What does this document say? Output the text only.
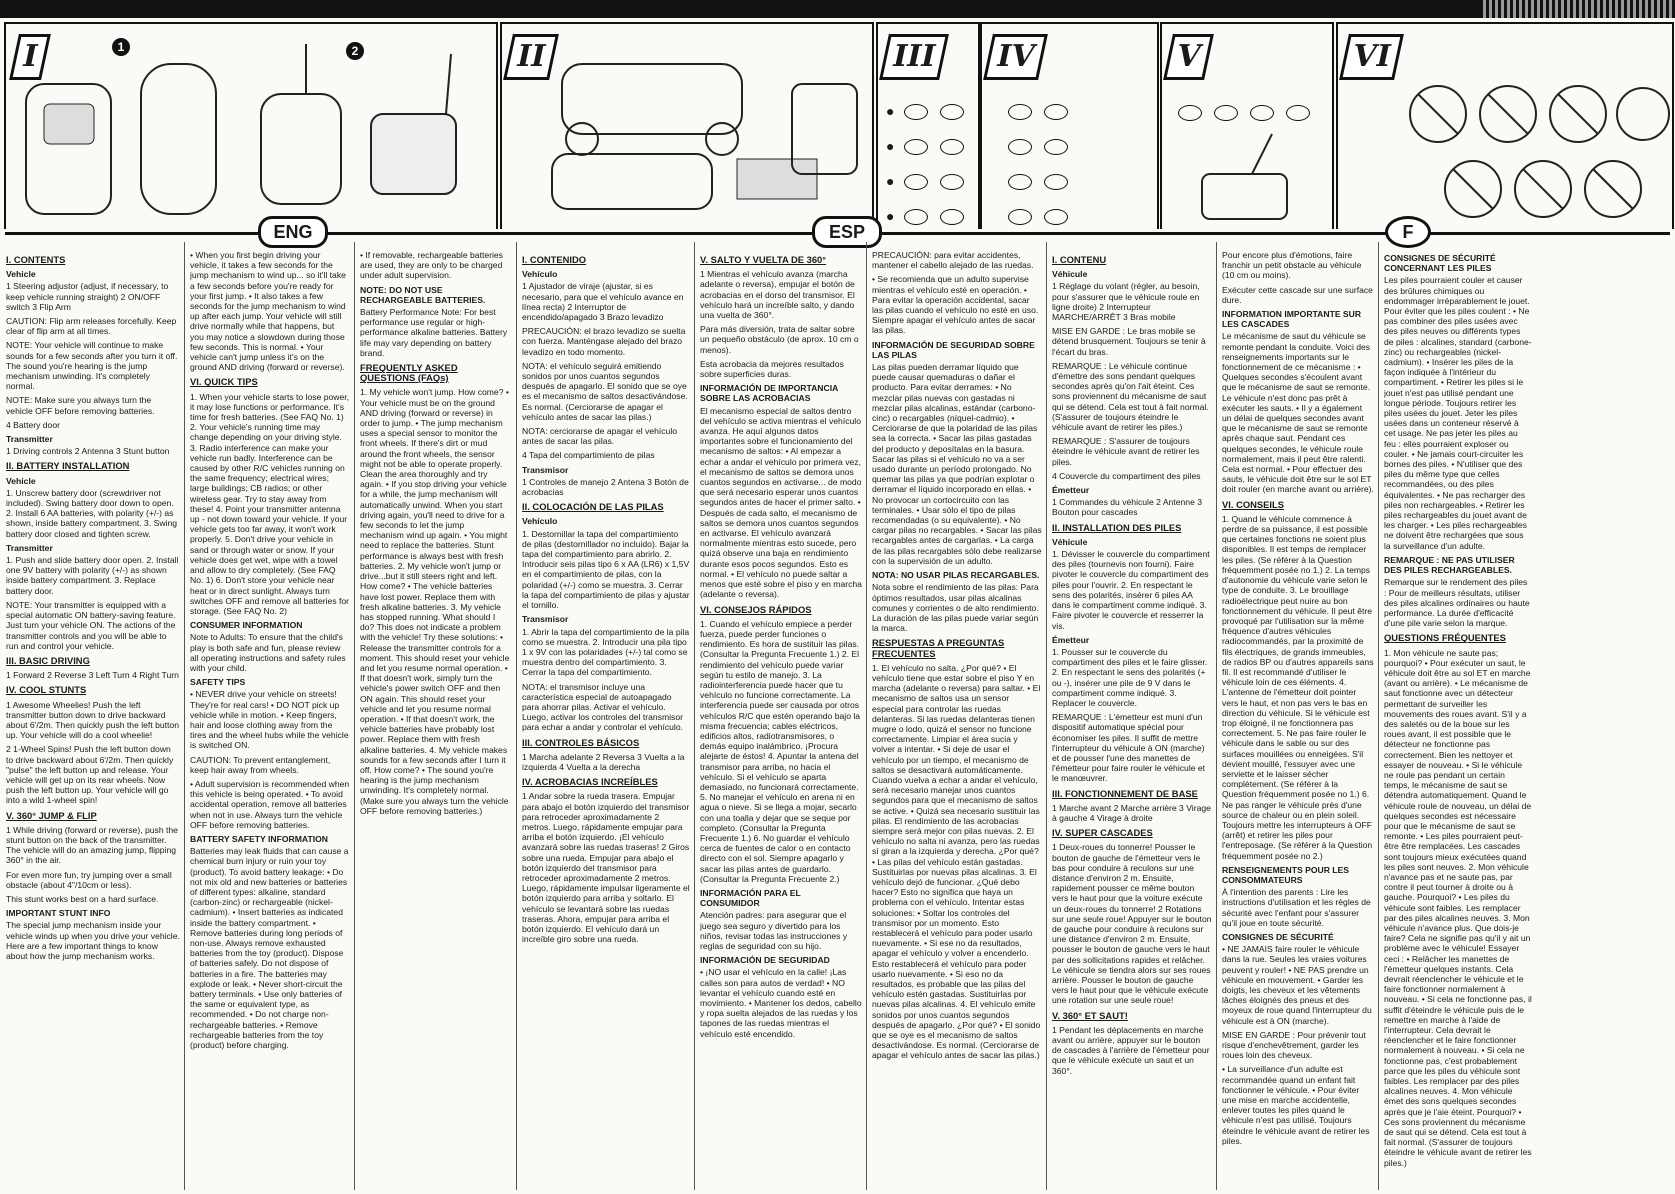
I	1	2	II	III
●
●
●
●
IV	V	VI
ENG	ESP	F
I. CONTENTS
Vehicle

1 Steering adjustor (adjust, if necessary, to keep vehicle running straight) 2 ON/OFF switch 3 Flip Arm

CAUTION: Flip arm releases forcefully. Keep clear of flip arm at all times.

NOTE: Your vehicle will continue to make sounds for a few seconds after you turn it off. The sound you're hearing is the jump mechanism unwinding. It's completely normal.

NOTE: Make sure you always turn the vehicle OFF before removing batteries.

4 Battery door

Transmitter

1 Driving controls 2 Antenna 3 Stunt button

II. BATTERY INSTALLATION
Vehicle

1. Unscrew battery door (screwdriver not included). Swing battery door down to open. 2. Install 6 AA batteries, with polarity (+/-) as shown, inside battery compartment. 3. Swing battery door closed and tighten screw.

Transmitter

1. Push and slide battery door open. 2. Install one 9V battery with polarity (+/-) as shown inside battery compartment. 3. Replace battery door.

NOTE: Your transmitter is equipped with a special automatic ON battery-saving feature. Just turn your vehicle ON. The actions of the transmitter controls and you will be able to run and control your vehicle.

III. BASIC DRIVING

1 Forward 2 Reverse 3 Left Turn 4 Right Turn

IV. COOL STUNTS

1 Awesome Wheelies! Push the left transmitter button down to drive backward about 6'/2m. Then quickly push the left button up. Your vehicle will do a cool wheelie!

2 1-Wheel Spins! Push the left button down to drive backward about 6'/2m. Then quickly "pulse" the left button up and release. Your vehicle will get up on its rear wheels. Now push the left button up. Your vehicle will go into a wild 1-wheel spin!

V. 360° JUMP & FLIP

1 While driving (forward or reverse), push the stunt button on the back of the transmitter. The vehicle will do an amazing jump, flipping 360° in the air.

For even more fun, try jumping over a small obstacle (about 4"/10cm or less).

This stunt works best on a hard surface.

IMPORTANT STUNT INFO

The special jump mechanism inside your vehicle winds up when you drive your vehicle. Here are a few important things to know about how the jump mechanism works.

• When you first begin driving your vehicle, it takes a few seconds for the jump mechanism to wind up... so it'll take a few seconds before you're ready for your first jump. • It also takes a few seconds for the jump mechanism to wind up after each jump. Your vehicle will still drive normally while that happens, but you may notice a slowdown during those few seconds. This is normal. • Your vehicle can't jump unless it's on the ground AND driving (forward or reverse).

VI. QUICK TIPS

1. When your vehicle starts to lose power, it may lose functions or performance. It's time for fresh batteries. (See FAQ No. 1) 2. Your vehicle's running time may change depending on your driving style. 3. Radio interference can make your vehicle run badly. Interference can be caused by other R/C vehicles running on the same frequency; electrical wires; large buildings; CB radios; or other wireless gear. Try to stay away from these! 4. Point your transmitter antenna up - not down toward your vehicle. If your vehicle gets too far away, it won't work properly. 5. Don't drive your vehicle in sand or through water or snow. If your vehicle does get wet, wipe with a towel and allow to dry completely. (See FAQ No. 1) 6. Don't store your vehicle near heat or in direct sunlight. Always turn switches OFF and remove all batteries for storage. (See FAQ No. 2)

CONSUMER INFORMATION

Note to Adults: To ensure that the child's play is both safe and fun, please review all operating instructions and safety rules with your child.

SAFETY TIPS

• NEVER drive your vehicle on streets! They're for real cars! • DO NOT pick up vehicle while in motion. • Keep fingers, hair and loose clothing away from the tires and the wheel hubs while the vehicle is switched ON.

CAUTION: To prevent entanglement, keep hair away from wheels.

• Adult supervision is recommended when this vehicle is being operated. • To avoid accidental operation, remove all batteries when not in use. Always turn the vehicle OFF before removing batteries.

BATTERY SAFETY INFORMATION

Batteries may leak fluids that can cause a chemical burn injury or ruin your toy (product). To avoid battery leakage: • Do not mix old and new batteries or batteries of different types: alkaline, standard (carbon-zinc) or rechargeable (nickel-cadmium). • Insert batteries as indicated inside the battery compartment. • Remove batteries during long periods of non-use. Always remove exhausted batteries from the toy (product). Dispose of batteries safely. Do not dispose of batteries in a fire. The batteries may explode or leak. • Never short-circuit the battery terminals. • Use only batteries of the same or equivalent type, as recommended. • Do not charge non-rechargeable batteries. • Remove rechargeable batteries from the toy (product) before charging.

• If removable, rechargeable batteries are used, they are only to be charged under adult supervision.

NOTE: DO NOT USE RECHARGEABLE BATTERIES.

Battery Performance Note: For best performance use regular or high-performance alkaline batteries. Battery life may vary depending on battery brand.

FREQUENTLY ASKED QUESTIONS (FAQs)

1. My vehicle won't jump. How come? • Your vehicle must be on the ground AND driving (forward or reverse) in order to jump. • The jump mechanism uses a special sensor to monitor the front wheels. If there's dirt or mud around the front wheels, the sensor might not be able to operate properly. Clean the area thoroughly and try again. • If you stop driving your vehicle for a while, the jump mechanism will automatically unwind. When you start driving again, you'll need to drive for a few seconds to let the jump mechanism wind up again. • You might need to replace the batteries. Stunt performance is always best with fresh batteries. 2. My vehicle won't jump or drive...but it still steers right and left. How come? • The vehicle batteries have lost power. Replace them with fresh alkaline batteries. 3. My vehicle has stopped running. What should I do? This does not indicate a problem with the vehicle! Try these solutions: • Release the transmitter controls for a moment. This should reset your vehicle and let you resume normal operation. • If that doesn't work, simply turn the vehicle's power switch OFF and then ON again. This should reset your vehicle and let you resume normal operation. • If that doesn't work, the vehicle batteries have probably lost power. Replace them with fresh alkaline batteries. 4. My vehicle makes sounds for a few seconds after I turn it off. How come? • The sound you're hearing is the jump mechanism unwinding. It's completely normal. (Make sure you always turn the vehicle OFF before removing batteries.)

I. CONTENIDO
Vehículo

1 Ajustador de viraje (ajustar, si es necesario, para que el vehículo avance en línea recta) 2 Interruptor de encendido/apagado 3 Brazo levadizo

PRECAUCIÓN: el brazo levadizo se suelta con fuerza. Manténgase alejado del brazo levadizo en todo momento.

NOTA: el vehículo seguirá emitiendo sonidos por unos cuantos segundos después de apagarlo. El sonido que se oye es el mecanismo de saltos desactivándose. Es normal. (Cerciorarse de apagar el vehículo antes de sacar las pilas.)

NOTA: cerciorarse de apagar el vehículo antes de sacar las pilas.

4 Tapa del compartimiento de pilas

Transmisor

1 Controles de manejo 2 Antena 3 Botón de acrobacias

II. COLOCACIÓN DE LAS PILAS
Vehículo

1. Destornillar la tapa del compartimiento de pilas (destornillador no incluido). Bajar la tapa del compartimiento para abrirlo. 2. Introducir seis pilas tipo 6 x AA (LR6) x 1,5V en el compartimiento de pilas, con la polaridad (+/-) como se muestra. 3. Cerrar la tapa del compartimiento de pilas y ajustar el tornillo.

Transmisor

1. Abrir la tapa del compartimiento de la pila como se muestra. 2. Introducir una pila tipo 1 x 9V con las polaridades (+/-) tal como se muestra dentro del compartimiento. 3. Cerrar la tapa del compartimiento.

NOTA: el transmisor incluye una característica especial de autoapagado para ahorrar pilas. Activar el vehículo. Luego, activar los controles del transmisor para echar a andar y controlar el vehículo.

III. CONTROLES BÁSICOS

1 Marcha adelante 2 Reversa 3 Vuelta a la izquierda 4 Vuelta a la derecha

IV. ACROBACIAS INCREÍBLES

1 Andar sobre la rueda trasera. Empujar para abajo el botón izquierdo del transmisor para retroceder aproximadamente 2 metros. Luego, rápidamente empujar para arriba el botón izquierdo. ¡El vehículo avanzará sobre las ruedas traseras! 2 Giros sobre una rueda. Empujar para abajo el botón izquierdo del transmisor para retroceder aproximadamente 2 metros. Luego, rápidamente impulsar ligeramente el botón izquierdo para arriba y soltarlo. El vehículo se levantará sobre las ruedas traseras. Ahora, empujar para arriba el botón izquierdo. El vehículo dará un increíble giro sobre una rueda.

V. SALTO Y VUELTA DE 360°

1 Mientras el vehículo avanza (marcha adelante o reversa), empujar el botón de acrobacias en el dorso del transmisor. El vehículo hará un increíble salto, y dando una vuelta de 360°.

Para más diversión, trata de saltar sobre un pequeño obstáculo (de aprox. 10 cm o menos).

Esta acrobacia da mejores resultados sobre superficies duras.

INFORMACIÓN DE IMPORTANCIA SOBRE LAS ACROBACIAS

El mecanismo especial de saltos dentro del vehículo se activa mientras el vehículo avanza. He aquí algunos datos importantes sobre el funcionamiento del mecanismo de saltos: • Al empezar a echar a andar el vehículo por primera vez, el mecanismo de saltos se demora unos cuantos segundos en activarse... de modo que será necesario esperar unos cuantos segundos antes de hacer el primer salto. • Después de cada salto, el mecanismo de saltos se demora unos cuantos segundos en activarse. El vehículo avanzará normalmente mientras esto sucede, pero quizá observe una baja en rendimiento durante esos pocos segundos. Esto es normal. • El vehículo no puede saltar a menos que esté sobre el piso y en marcha (adelante o reversa).

VI. CONSEJOS RÁPIDOS

1. Cuando el vehículo empiece a perder fuerza, puede perder funciones o rendimiento. Es hora de sustituir las pilas. (Consultar la Pregunta Frecuente 1.) 2. El rendimiento del vehículo puede variar según tu estilo de manejo. 3. La radiointerferencia puede hacer que tu vehículo no funcione correctamente. La interferencia puede ser causada por otros vehículos R/C que estén operando bajo la misma frecuencia; cables eléctricos, edificios altos, radiotransmisores, o demás equipo inalámbrico. ¡Procura alejarte de éstos! 4. Apuntar la antena del transmisor para arriba, no hacia el vehículo. Si el vehículo se aparta demasiado, no funcionará correctamente. 5. No manejar el vehículo en arena ni en agua o nieve. Si se llega a mojar, secarlo con una toalla y dejar que se seque por completo. (Consultar la Pregunta Frecuente 1.) 6. No guardar el vehículo cerca de fuentes de calor o en contacto directo con el sol. Siempre apagarlo y sacar las pilas antes de guardarlo. (Consultar la Pregunta Frecuente 2.)

INFORMACIÓN PARA EL CONSUMIDOR

Atención padres: para asegurar que el juego sea seguro y divertido para los niños, revisar todas las instrucciones y reglas de seguridad con su hijo.

INFORMACIÓN DE SEGURIDAD

• ¡NO usar el vehículo en la calle! ¡Las calles son para autos de verdad! • NO levantar el vehículo cuando esté en movimiento. • Mantener los dedos, cabello y ropa suelta alejados de las ruedas y los tapones de las ruedas mientras el vehículo esté encendido.

PRECAUCIÓN: para evitar accidentes, mantener el cabello alejado de las ruedas.

• Se recomienda que un adulto supervise mientras el vehículo esté en operación. • Para evitar la operación accidental, sacar las pilas cuando el vehículo no esté en uso. Siempre apagar el vehículo antes de sacar las pilas.

INFORMACIÓN DE SEGURIDAD SOBRE LAS PILAS

Las pilas pueden derramar líquido que puede causar quemaduras o dañar el producto. Para evitar derrames: • No mezclar pilas nuevas con gastadas ni mezclar pilas alcalinas, estándar (carbono-cinc) o recargables (níquel-cadmio). • Cerciorarse de que la polaridad de las pilas sea la correcta. • Sacar las pilas gastadas del producto y deposítalas en la basura. Sacar las pilas si el vehículo no va a ser usado durante un período prolongado. No quemar las pilas ya que podrían explotar o derramar el líquido incorporado en ellas. • No provocar un cortocircuito con las terminales. • Usar sólo el tipo de pilas recomendadas (o su equivalente). • No cargar pilas no recargables. • Sacar las pilas recargables antes de cargarlas. • La carga de las pilas recargables sólo debe realizarse con la supervisión de un adulto.

NOTA: NO USAR PILAS RECARGABLES.

Nota sobre el rendimiento de las pilas: Para óptimos resultados, usar pilas alcalinas comunes y corrientes o de alto rendimiento. La duración de las pilas puede variar según la marca.

RESPUESTAS A PREGUNTAS FRECUENTES

1. El vehículo no salta. ¿Por qué? • El vehículo tiene que estar sobre el piso Y en marcha (adelante o reversa) para saltar. • El mecanismo de saltos usa un sensor especial para controlar las ruedas delanteras. Si las ruedas delanteras tienen mugre o lodo, quizá el sensor no funcione correctamente. Limpiar el área sucia y volver a intentar. • Si deje de usar el vehículo por un tiempo, el mecanismo de saltos se desactivará automáticamente. Cuando vuelva a echar a andar el vehículo, será necesario manejar unos cuantos segundos para que el mecanismo de saltos se active. • Quizá sea necesario sustituir las pilas. El rendimiento de las acrobacias siempre será mejor con pilas nuevas. 2. El vehículo no salta ni avanza, pero las ruedas sí giran a la izquierda y derecha. ¿Por qué? • Las pilas del vehículo están gastadas. Sustituirlas por nuevas pilas alcalinas. 3. El vehículo dejó de funcionar. ¿Qué debo hacer? Esto no significa que haya un problema con el vehículo. Intentar estas soluciones: • Soltar los controles del transmisor por un momento. Esto restablecerá el vehículo para poder usarlo nuevamente. • Si ese no da resultados, apagar el vehículo y volver a encenderlo. Esto restablecerá el vehículo para poder usarlo nuevamente. • Si eso no da resultados, es probable que las pilas del vehículo estén gastadas. Sustituirlas por nuevas pilas alcalinas. 4. El vehículo emite sonidos por unos cuantos segundos después de apagarlo. ¿Por qué? • El sonido que se oye es el mecanismo de saltos desactivándose. Es normal. (Cerciorarse de apagar el vehículo antes de sacar las pilas.)

I. CONTENU
Véhicule

1 Réglage du volant (régler, au besoin, pour s'assurer que le véhicule roule en ligne droite) 2 Interrupteur MARCHE/ARRÊT 3 Bras mobile

MISE EN GARDE : Le bras mobile se détend brusquement. Toujours se tenir à l'écart du bras.

REMARQUE : Le véhicule continue d'émettre des sons pendant quelques secondes après qu'on l'ait éteint. Ces sons proviennent du mécanisme de saut qui se détend. Cela est tout à fait normal. (S'assurer de toujours éteindre le véhicule avant de retirer les piles.)

REMARQUE : S'assurer de toujours éteindre le véhicule avant de retirer les piles.

4 Couvercle du compartiment des piles

Émetteur

1 Commandes du véhicule 2 Antenne 3 Bouton pour cascades

II. INSTALLATION DES PILES
Véhicule

1. Dévisser le couvercle du compartiment des piles (tournevis non fourni). Faire pivoter le couvercle du compartiment des piles pour l'ouvrir. 2. En respectant le sens des polarités, insérer 6 piles AA dans le compartiment comme indiqué. 3. Faire pivoter le couvercle et resserrer la vis.

Émetteur

1. Pousser sur le couvercle du compartiment des piles et le faire glisser. 2. En respectant le sens des polarités (+ ou -), insérer une pile de 9 V dans le compartiment comme indiqué. 3. Replacer le couvercle.

REMARQUE : L'émetteur est muni d'un dispositif automatique spécial pour économiser les piles. Il suffit de mettre l'interrupteur du véhicule à ON (marche) et de pousser l'une des manettes de l'émetteur pour faire rouler le véhicule et le manœuvrer.

III. FONCTIONNEMENT DE BASE

1 Marche avant 2 Marche arrière 3 Virage à gauche 4 Virage à droite

IV. SUPER CASCADES

1 Deux-roues du tonnerre! Pousser le bouton de gauche de l'émetteur vers le bas pour conduire à reculons sur une distance d'environ 2 m. Ensuite, rapidement pousser ce même bouton vers le haut pour que la voiture exécute un deux-roues du tonnerre! 2 Rotations sur une seule roue! Appuyer sur le bouton de gauche pour conduire à reculons sur une distance d'environ 2 m. Ensuite, pousser le bouton de gauche vers le haut par des sollicitations rapides et relâcher. Le véhicule se tiendra alors sur ses roues arrière. Pousser le bouton de gauche vers le haut pour que le véhicule exécute une rotation sur une seule roue!

V. 360° ET SAUT!

1 Pendant les déplacements en marche avant ou arrière, appuyer sur le bouton de cascades à l'arrière de l'émetteur pour que le véhicule exécute un saut et un 360°.

Pour encore plus d'émotions, faire franchir un petit obstacle au véhicule (10 cm ou moins).

Exécuter cette cascade sur une surface dure.

INFORMATION IMPORTANTE SUR LES CASCADES

Le mécanisme de saut du véhicule se remonte pendant la conduite. Voici des renseignements importants sur le fonctionnement de ce mécanisme : • Quelques secondes s'écoulent avant que le mécanisme de saut se remonte. Le véhicule n'est donc pas prêt à exécuter les sauts. • Il y a également un délai de quelques secondes avant que le mécanisme de saut se remonte après chaque saut. Pendant ces quelques secondes, le véhicule roule normalement, mais il peut être ralenti. Cela est normal. • Pour effectuer des sauts, le véhicule doit être sur le sol ET doit rouler (en marche avant ou arrière).

VI. CONSEILS

1. Quand le véhicule commence à perdre de sa puissance, il est possible que certaines fonctions ne soient plus disponibles. Il est temps de remplacer les piles. (Se référer à la Question fréquemment posée no 1.) 2. La temps d'autonomie du véhicule varie selon le type de conduite. 3. Le brouillage radioélectrique peut nuire au bon fonctionnement du véhicule. Il peut être provoqué par l'utilisation sur la même fréquence d'autres véhicules radiocommandés, par la proximité de fils électriques, de grands immeubles, de radios BP ou d'autres appareils sans fil. Il est recommandé d'utiliser le véhicule loin de ces éléments. 4. L'antenne de l'émetteur doit pointer vers le haut, et non pas vers le bas en direction du véhicule. Si le véhicule est trop éloigné, il ne fonctionnera pas correctement. 5. Ne pas faire rouler le véhicule dans le sable ou sur des surfaces mouillées ou enneigées. S'il devient mouillé, l'essuyer avec une serviette et le laisser sécher complètement. (Se référer à la Question fréquemment posée no 1.) 6. Ne pas ranger le véhicule près d'une source de chaleur ou en plein soleil. Toujours mettre les interrupteurs à OFF (arrêt) et retirer les piles pour l'entreposage. (Se référer à la Question fréquemment posée no 2.)

RENSEIGNEMENTS POUR LES CONSOMMATEURS

À l'intention des parents : Lire les instructions d'utilisation et les règles de sécurité avec l'enfant pour s'assurer qu'il joue en toute sécurité.

CONSIGNES DE SÉCURITÉ

• NE JAMAIS faire rouler le véhicule dans la rue. Seules les vraies voitures peuvent y rouler! • NE PAS prendre un véhicule en mouvement. • Garder les doigts, les cheveux et les vêtements lâches éloignés des pneus et des moyeux de roue quand l'interrupteur du véhicule est à ON (marche).

MISE EN GARDE : Pour prévenir tout risque d'enchevêtrement, garder les roues loin des cheveux.

• La surveillance d'un adulte est recommandée quand un enfant fait fonctionner le véhicule. • Pour éviter une mise en marche accidentelle, enlever toutes les piles quand le véhicule n'est pas utilisé. Toujours éteindre le véhicule avant de retirer les piles.

CONSIGNES DE SÉCURITÉ CONCERNANT LES PILES

Les piles pourraient couler et causer des brûlures chimiques ou endommager irréparablement le jouet. Pour éviter que les piles coulent : • Ne pas combiner des piles usées avec des piles neuves ou différents types de piles : alcalines, standard (carbone-zinc) ou rechargeables (nickel-cadmium). • Insérer les piles de la façon indiquée à l'intérieur du compartiment. • Retirer les piles si le jouet n'est pas utilisé pendant une longue période. Toujours retirer les piles usées du jouet. Jeter les piles usées dans un conteneur réservé à cet usage. Ne pas jeter les piles au feu : elles pourraient exploser ou couler. • Ne jamais court-circuiter les bornes des piles. • N'utiliser que des piles du même type que celles recommandées, ou des piles équivalentes. • Ne pas recharger des piles non rechargeables. • Retirer les piles rechargeables du jouet avant de les charger. • Les piles rechargeables ne doivent être rechargées que sous la surveillance d'un adulte.

REMARQUE : NE PAS UTILISER DES PILES RECHARGEABLES.

Remarque sur le rendement des piles : Pour de meilleurs résultats, utiliser des piles alcalines ordinaires ou haute performance. La durée d'efficacité d'une pile varie selon la marque.

QUESTIONS FRÉQUENTES

1. Mon véhicule ne saute pas; pourquoi? • Pour exécuter un saut, le véhicule doit être au sol ET en marche (avant ou arrière). • Le mécanisme de saut fonctionne avec un détecteur permettant de surveiller les mouvements des roues avant. S'il y a des saletés ou de la boue sur les roues avant, il est possible que le détecteur ne fonctionne pas correctement. Bien les nettoyer et essayer de nouveau. • Si le véhicule ne roule pas pendant un certain temps, le mécanisme de saut se détendra automatiquement. Quand le véhicule roule de nouveau, un délai de quelques secondes est nécessaire pour que le mécanisme de saut se remonte. • Les piles pourraient peut-être être remplacées. Les cascades sont toujours mieux exécutées quand les piles sont neuves. 2. Mon véhicule n'avance pas et ne saute pas, par contre il peut tourner à droite ou à gauche. Pourquoi? • Les piles du véhicule sont faibles. Les remplacer par des piles alcalines neuves. 3. Mon véhicule n'avance plus. Que dois-je faire? Cela ne signifie pas qu'il y ait un problème avec le véhicule! Essayer ceci : • Relâcher les manettes de l'émetteur quelques instants. Cela devrait réenclencher le véhicule et le faire fonctionner normalement à nouveau. • Si cela ne fonctionne pas, il suffit d'éteindre le véhicule puis de le remettre en marche à l'aide de l'interrupteur. Cela devrait le réenclencher et le faire fonctionner normalement à nouveau. • Si cela ne fonctionne pas, c'est probablement parce que les piles du véhicule sont faibles. Les remplacer par des piles alcalines neuves. 4. Mon véhicule émet des sons quelques secondes après que je l'aie éteint. Pourquoi? • Ces sons proviennent du mécanisme de saut qui se détend. Cela est tout à fait normal. (S'assurer de toujours éteindre le véhicule avant de retirer les piles.)
